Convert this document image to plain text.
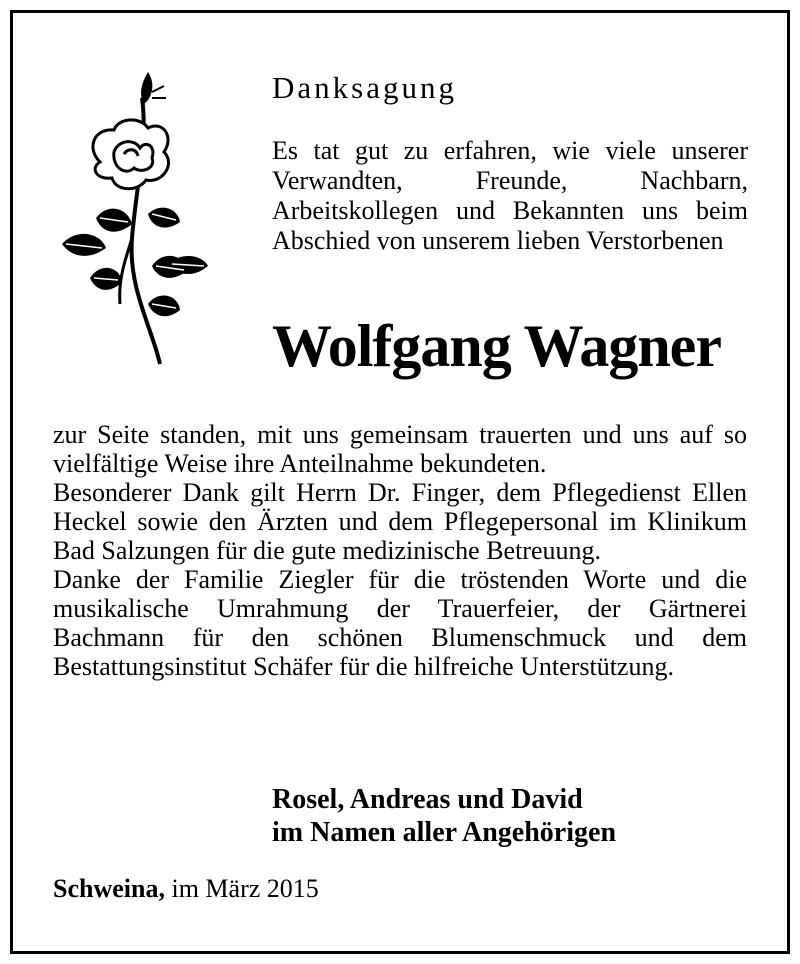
Danksagung
Es tat gut zu erfahren, wie viele unserer Verwandten, Freunde, Nachbarn, Arbeitskollegen und Bekannten uns beim Abschied von unserem lieben Verstorbenen
Wolfgang Wagner

zur Seite standen, mit uns gemeinsam trauerten und uns auf so vielfältige Weise ihre Anteilnahme bekundeten.

Besonderer Dank gilt Herrn Dr. Finger, dem Pflegedienst Ellen Heckel sowie den Ärzten und dem Pflegepersonal im Klinikum Bad Salzungen für die gute medizinische Betreuung.

Danke der Familie Ziegler für die tröstenden Worte und die musikalische Umrahmung der Trauerfeier, der Gärtnerei Bachmann für den schönen Blumenschmuck und dem Bestattungsinstitut Schäfer für die hilfreiche Unterstützung.

Rosel, Andreas und David
im Namen aller Angehörigen
Schweina, im März 2015
